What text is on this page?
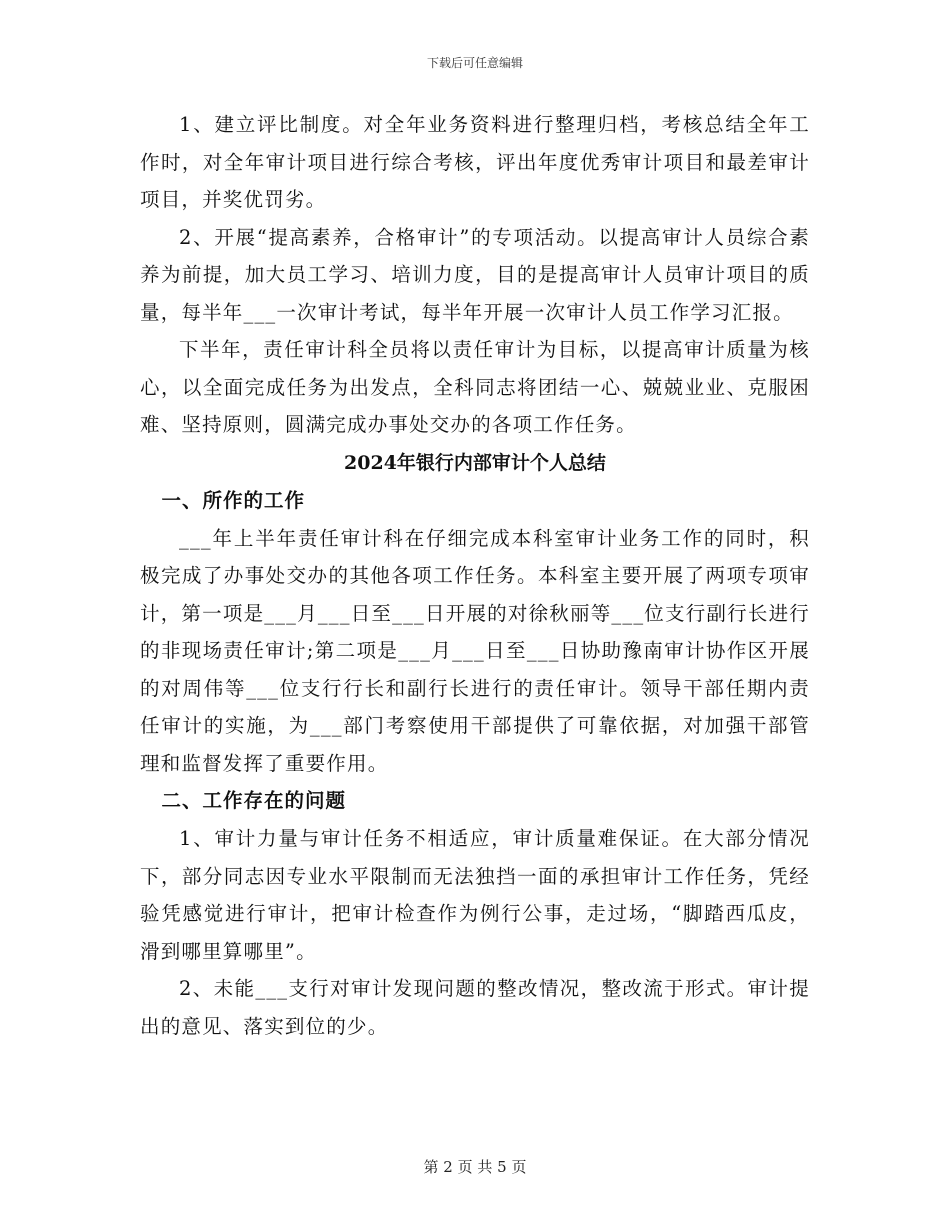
下载后可任意编辑

1、建立评比制度。对全年业务资料进行整理归档，考核总结全年工作时，对全年审计项目进行综合考核，评出年度优秀审计项目和最差审计项目，并奖优罚劣。

2、开展“提高素养，合格审计”的专项活动。以提高审计人员综合素养为前提，加大员工学习、培训力度，目的是提高审计人员审计项目的质量，每半年___一次审计考试，每半年开展一次审计人员工作学习汇报。

下半年，责任审计科全员将以责任审计为目标，以提高审计质量为核心，以全面完成任务为出发点，全科同志将团结一心、兢兢业业、克服困难、坚持原则，圆满完成办事处交办的各项工作任务。

2024年银行内部审计个人总结

一、所作的工作

___年上半年责任审计科在仔细完成本科室审计业务工作的同时，积极完成了办事处交办的其他各项工作任务。本科室主要开展了两项专项审计，第一项是___月___日至___日开展的对徐秋丽等___位支行副行长进行的非现场责任审计;第二项是___月___日至___日协助豫南审计协作区开展的对周伟等___位支行行长和副行长进行的责任审计。领导干部任期内责任审计的实施，为___部门考察使用干部提供了可靠依据，对加强干部管理和监督发挥了重要作用。

二、工作存在的问题

1、审计力量与审计任务不相适应，审计质量难保证。在大部分情况下，部分同志因专业水平限制而无法独挡一面的承担审计工作任务，凭经验凭感觉进行审计，把审计检查作为例行公事，走过场，“脚踏西瓜皮，滑到哪里算哪里”。

2、未能___支行对审计发现问题的整改情况，整改流于形式。审计提出的意见、落实到位的少。

第 2 页 共 5 页
